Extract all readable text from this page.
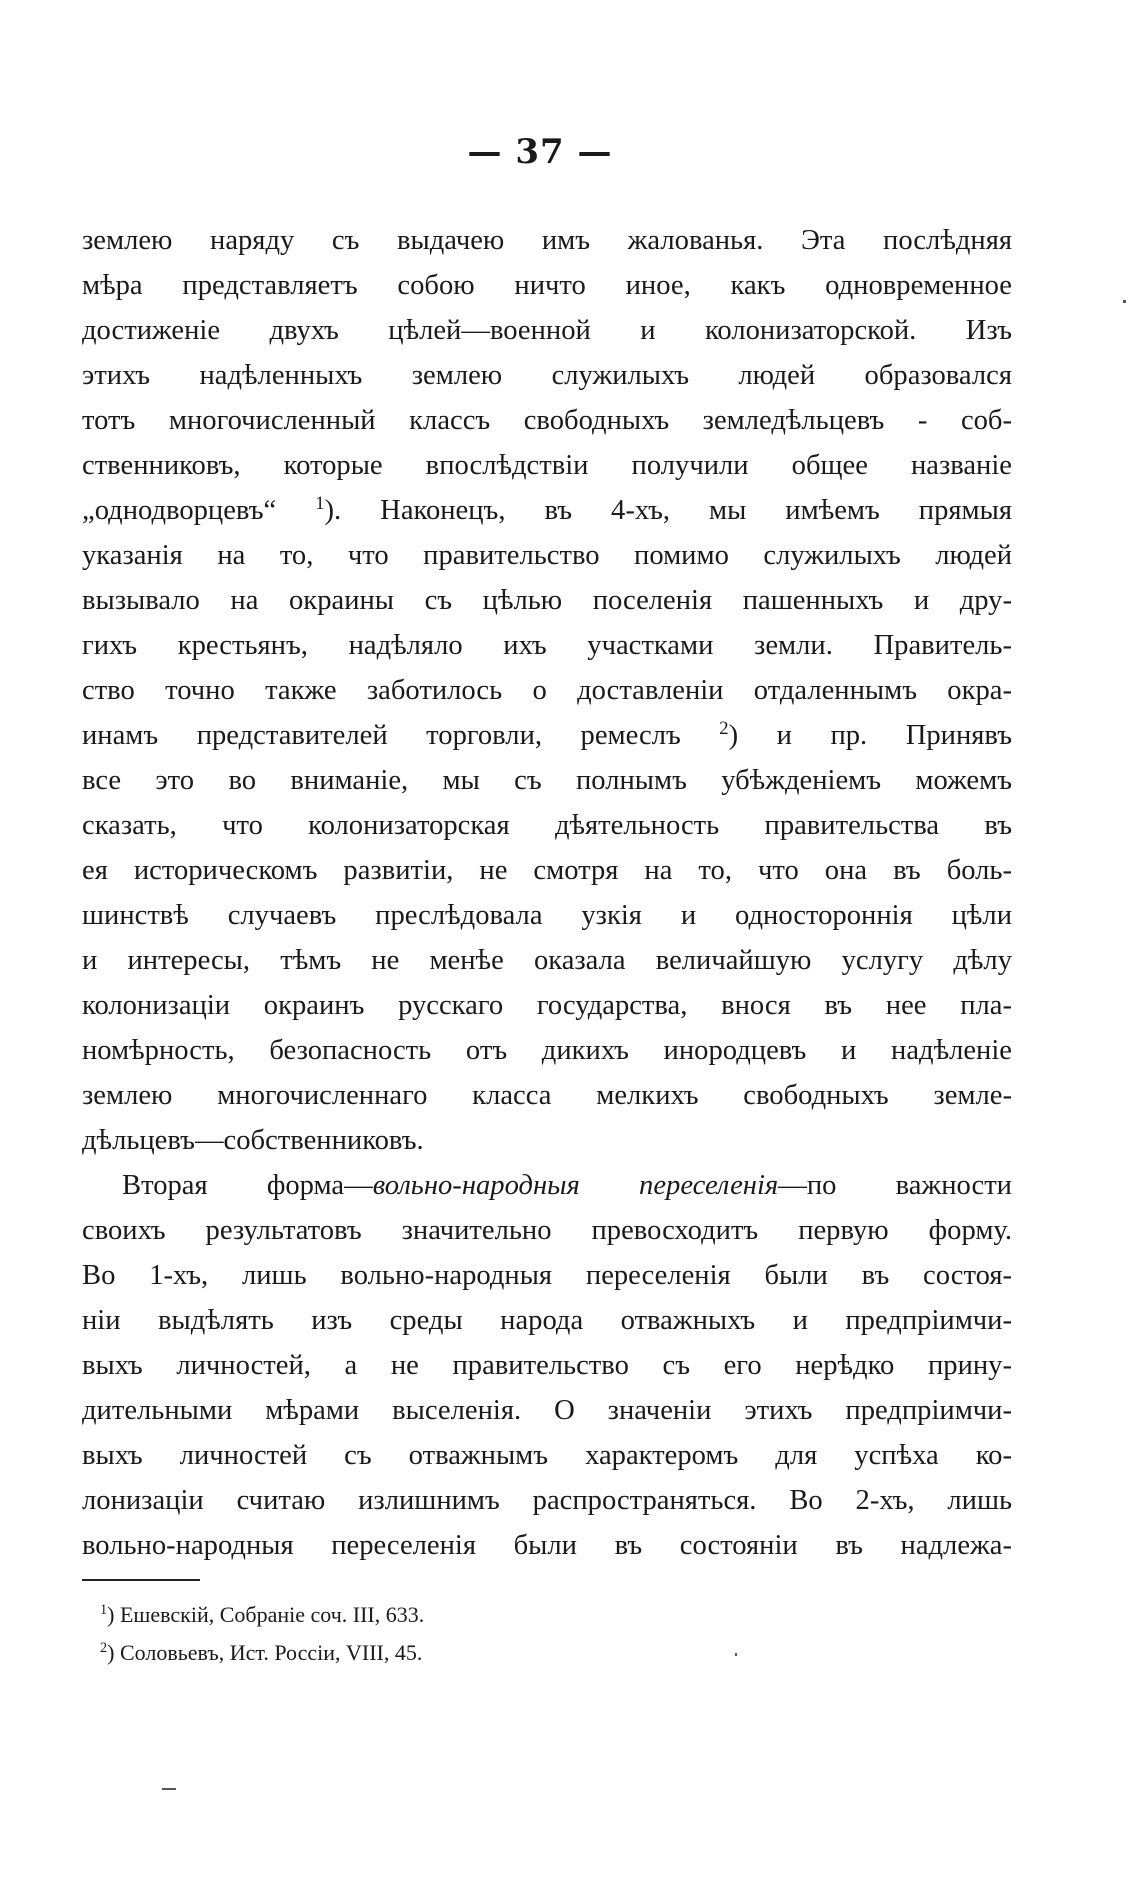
— 37 —
землею наряду съ выдачею имъ жалованья. Эта послѣдняя
мѣра представляетъ собою ничто иное, какъ одновременное
достиженіе двухъ цѣлей—военной и колонизаторской. Изъ
этихъ надѣленныхъ землею служилыхъ людей образовался
тотъ многочисленный классъ свободныхъ земледѣльцевъ - соб-
ственниковъ, которые впослѣдствіи получили общее названіе
„однодворцевъ“ $^1$). Наконецъ, въ 4-хъ, мы имѣемъ прямыя
указанія на то, что правительство помимо служилыхъ людей
вызывало на окраины съ цѣлью поселенія пашенныхъ и дру-
гихъ крестьянъ, надѣляло ихъ участками земли. Правитель-
ство точно также заботилось о доставленіи отдаленнымъ окра-
инамъ представителей торговли, ремеслъ $^2$) и пр. Принявъ
все это во вниманіе, мы съ полнымъ убѣжденіемъ можемъ
сказать, что колонизаторская дѣятельность правительства въ
ея историческомъ развитіи, не смотря на то, что она въ боль-
шинствѣ случаевъ преслѣдовала узкія и одностороннія цѣли
и интересы, тѣмъ не менѣе оказала величайшую услугу дѣлу
колонизаціи окраинъ русскаго государства, внося въ нее пла-
номѣрность, безопасность отъ дикихъ инородцевъ и надѣленіе
землею многочисленнаго класса мелкихъ свободныхъ земле-
дѣльцевъ—собственниковъ.
Вторая форма—вольно-народныя переселенія—по важности
своихъ результатовъ значительно превосходитъ первую форму.
Во 1-хъ, лишь вольно-народныя переселенія были въ состоя-
ніи выдѣлять изъ среды народа отважныхъ и предпріимчи-
выхъ личностей, а не правительство съ его нерѣдко прину-
дительными мѣрами выселенія. О значеніи этихъ предпріимчи-
выхъ личностей съ отважнымъ характеромъ для успѣха ко-
лонизаціи считаю излишнимъ распространяться. Во 2-хъ, лишь
вольно-народныя переселенія были въ состояніи въ надлежа-
$^1$) Ешевскій, Собраніе соч. III, 633.
$^2$) Соловьевъ, Ист. Россіи, VIII, 45.
